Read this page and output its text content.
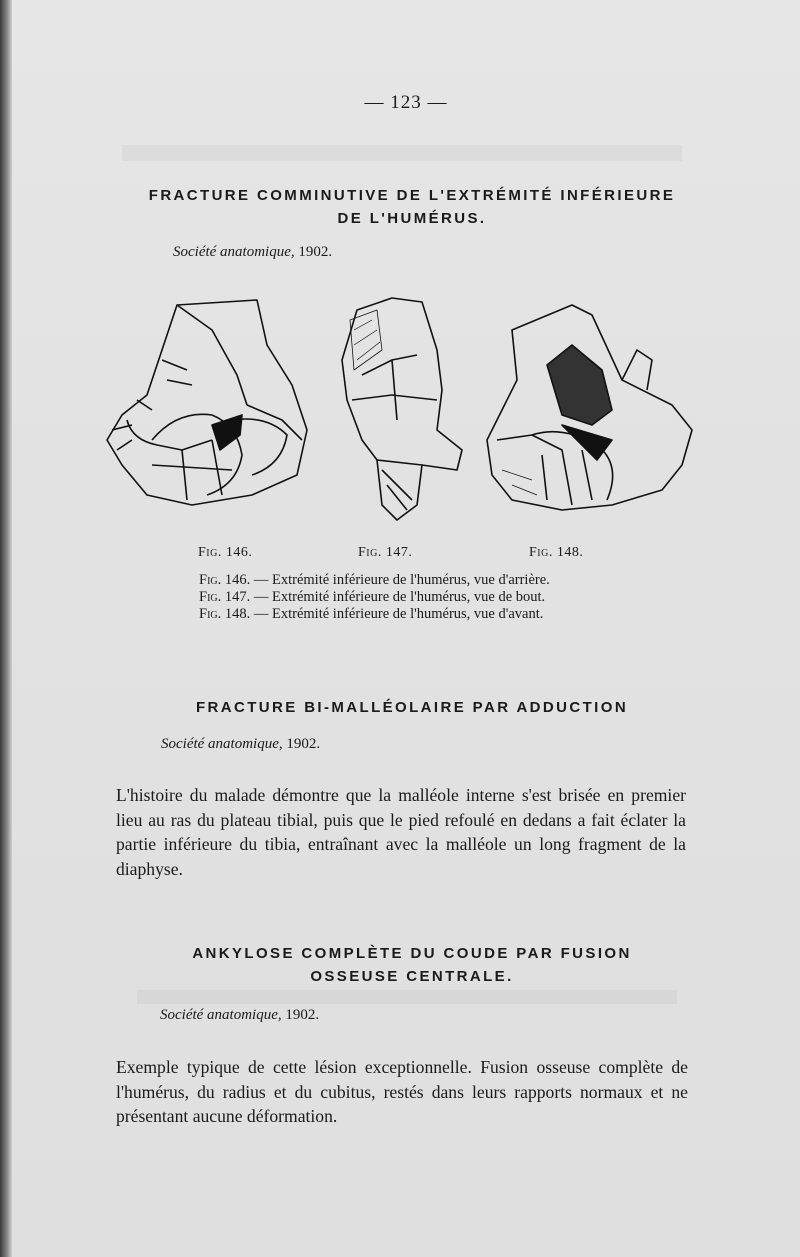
— 123 —
FRACTURE COMMINUTIVE DE L'EXTRÉMITÉ INFÉRIEURE
DE L'HUMÉRUS.
Société anatomique, 1902.
Fig. 146.	Fig. 147.	Fig. 148.
Fig. 146. — Extrémité inférieure de l'humérus, vue d'arrière.
Fig. 147. — Extrémité inférieure de l'humérus, vue de bout.
Fig. 148. — Extrémité inférieure de l'humérus, vue d'avant.
FRACTURE BI-MALLÉOLAIRE PAR ADDUCTION
Société anatomique, 1902.
L'histoire du malade démontre que la malléole interne s'est brisée en premier lieu au ras du plateau tibial, puis que le pied refoulé en dedans a fait éclater la partie inférieure du tibia, entraînant avec la malléole un long fragment de la diaphyse.
ANKYLOSE COMPLÈTE DU COUDE PAR FUSION
OSSEUSE CENTRALE.
Société anatomique, 1902.
Exemple typique de cette lésion exceptionnelle. Fusion osseuse complète de l'humérus, du radius et du cubitus, restés dans leurs rapports normaux et ne présentant aucune déformation.
